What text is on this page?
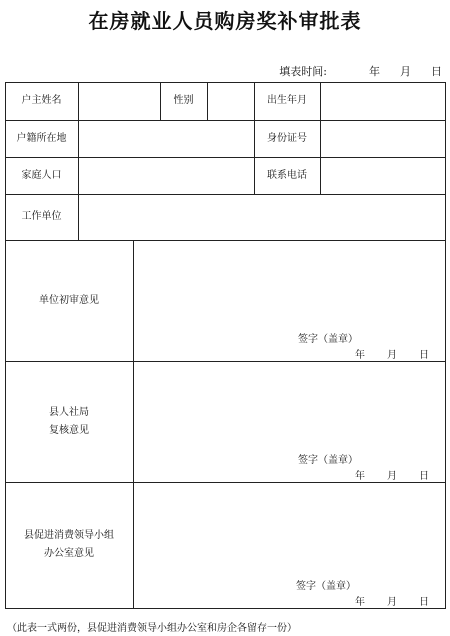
在房就业人员购房奖补审批表
填表时间:	年 月 日
户主姓名	性别	出生年月
户籍所在地	身份证号
家庭人口	联系电话
工作单位
单位初审意见
签字（盖章）
年 月 日
县人社局
复核意见
签字（盖章）
年 月 日
县促进消费领导小组
办公室意见
签字（盖章）
年 月 日
（此表一式两份，县促进消费领导小组办公室和房企各留存一份）
